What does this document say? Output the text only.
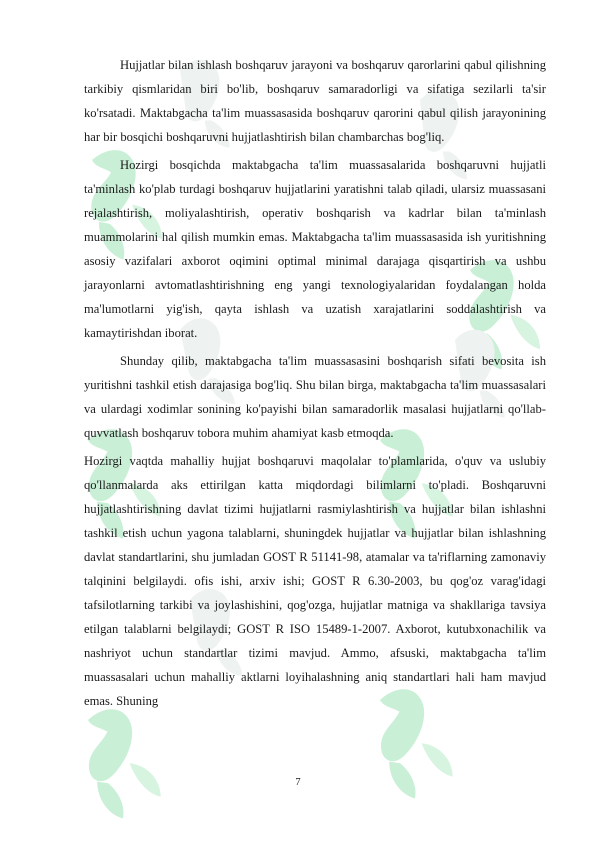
Hujjatlar bilan ishlash boshqaruv jarayoni va boshqaruv qarorlarini qabul qilishning tarkibiy qismlaridan biri bo'lib, boshqaruv samaradorligi va sifatiga sezilarli ta'sir ko'rsatadi. Maktabgacha ta'lim muassasasida boshqaruv qarorini qabul qilish jarayonining har bir bosqichi boshqaruvni hujjatlashtirish bilan chambarchas bog'liq.

Hozirgi bosqichda maktabgacha ta'lim muassasalarida boshqaruvni hujjatli ta'minlash ko'plab turdagi boshqaruv hujjatlarini yaratishni talab qiladi, ularsiz muassasani rejalashtirish, moliyalashtirish, operativ boshqarish va kadrlar bilan ta'minlash muammolarini hal qilish mumkin emas. Maktabgacha ta'lim muassasasida ish yuritishning asosiy vazifalari axborot oqimini optimal minimal darajaga qisqartirish va ushbu jarayonlarni avtomatlashtirishning eng yangi texnologiyalaridan foydalangan holda ma'lumotlarni yig'ish, qayta ishlash va uzatish xarajatlarini soddalashtirish va kamaytirishdan iborat.

Shunday qilib, maktabgacha ta'lim muassasasini boshqarish sifati bevosita ish yuritishni tashkil etish darajasiga bog'liq. Shu bilan birga, maktabgacha ta'lim muassasalari va ulardagi xodimlar sonining ko'payishi bilan samaradorlik masalasi hujjatlarni qo'llab-quvvatlash boshqaruv tobora muhim ahamiyat kasb etmoqda.

Hozirgi vaqtda mahalliy hujjat boshqaruvi maqolalar to'plamlarida, o'quv va uslubiy qo'llanmalarda aks ettirilgan katta miqdordagi bilimlarni to'pladi. Boshqaruvni hujjatlashtirishning davlat tizimi hujjatlarni rasmiylashtirish va hujjatlar bilan ishlashni tashkil etish uchun yagona talablarni, shuningdek hujjatlar va hujjatlar bilan ishlashning davlat standartlarini, shu jumladan GOST R 51141-98, atamalar va ta'riflarning zamonaviy talqinini belgilaydi. ofis ishi, arxiv ishi; GOST R 6.30-2003, bu qog'oz varag'idagi tafsilotlarning tarkibi va joylashishini, qog'ozga, hujjatlar matniga va shakllariga tavsiya etilgan talablarni belgilaydi; GOST R ISO 15489-1-2007. Axborot, kutubxonachilik va nashriyot uchun standartlar tizimi mavjud. Ammo, afsuski, maktabgacha ta'lim muassasalari uchun mahalliy aktlarni loyihalashning aniq standartlari hali ham mavjud emas. Shuning

7
